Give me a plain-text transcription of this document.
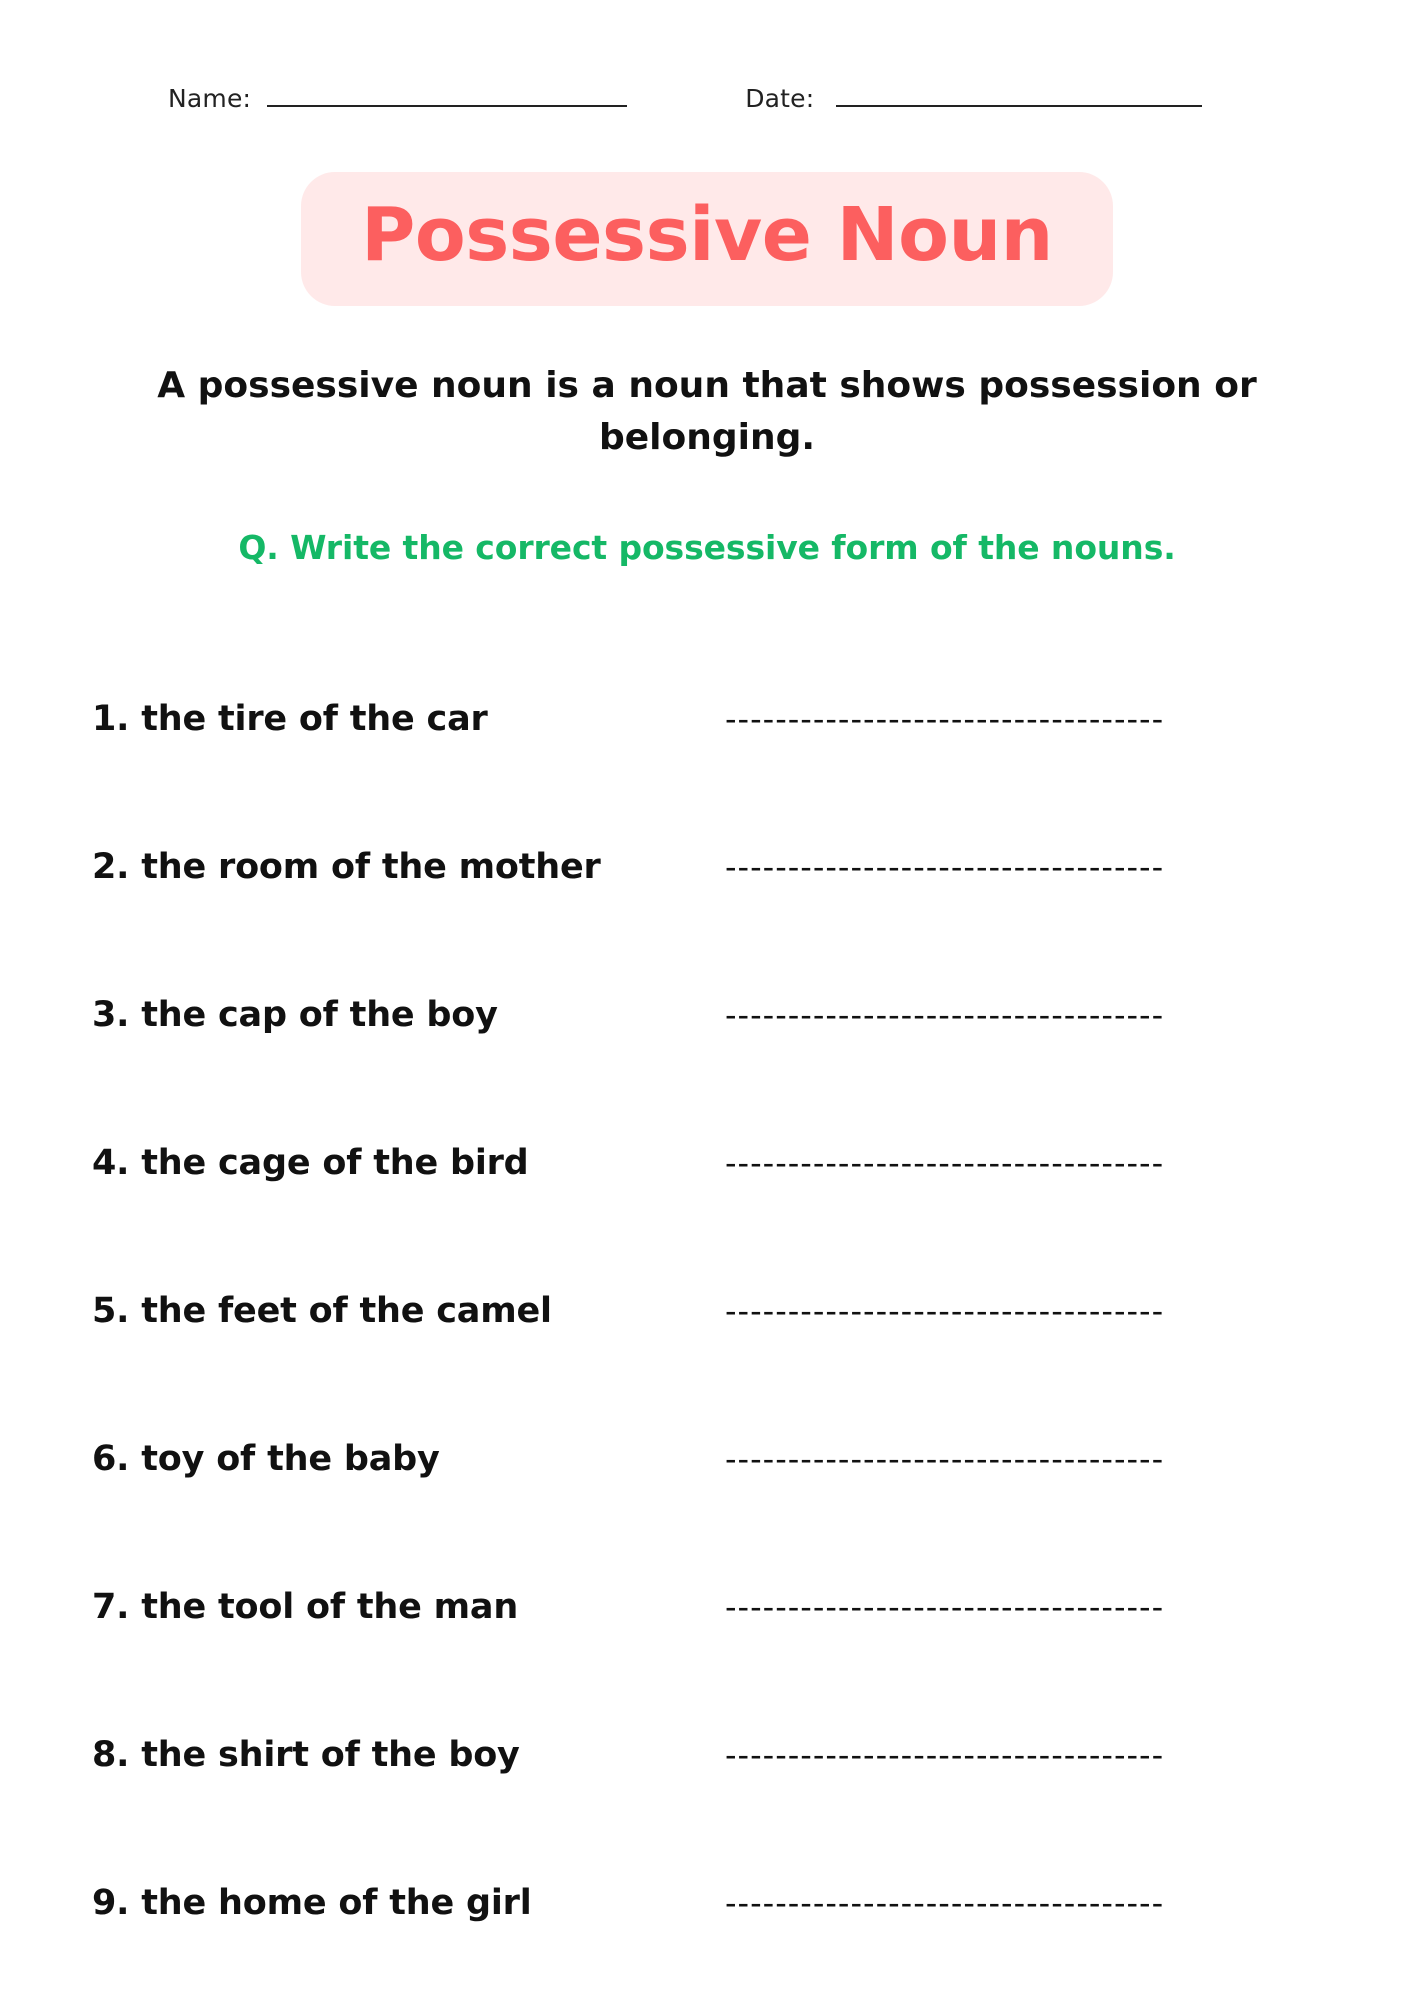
Name:	Date:
Possessive Noun
A possessive noun is a noun that shows possession or belonging.
Q. Write the correct possessive form of the nouns.
1. the tire of the car	-----------------------------------
2. the room of the mother	-----------------------------------
3. the cap of the boy	-----------------------------------
4. the cage of the bird	-----------------------------------
5. the feet of the camel	-----------------------------------
6. toy of the baby	-----------------------------------
7. the tool of the man	-----------------------------------
8. the shirt of the boy	-----------------------------------
9. the home of the girl	-----------------------------------
